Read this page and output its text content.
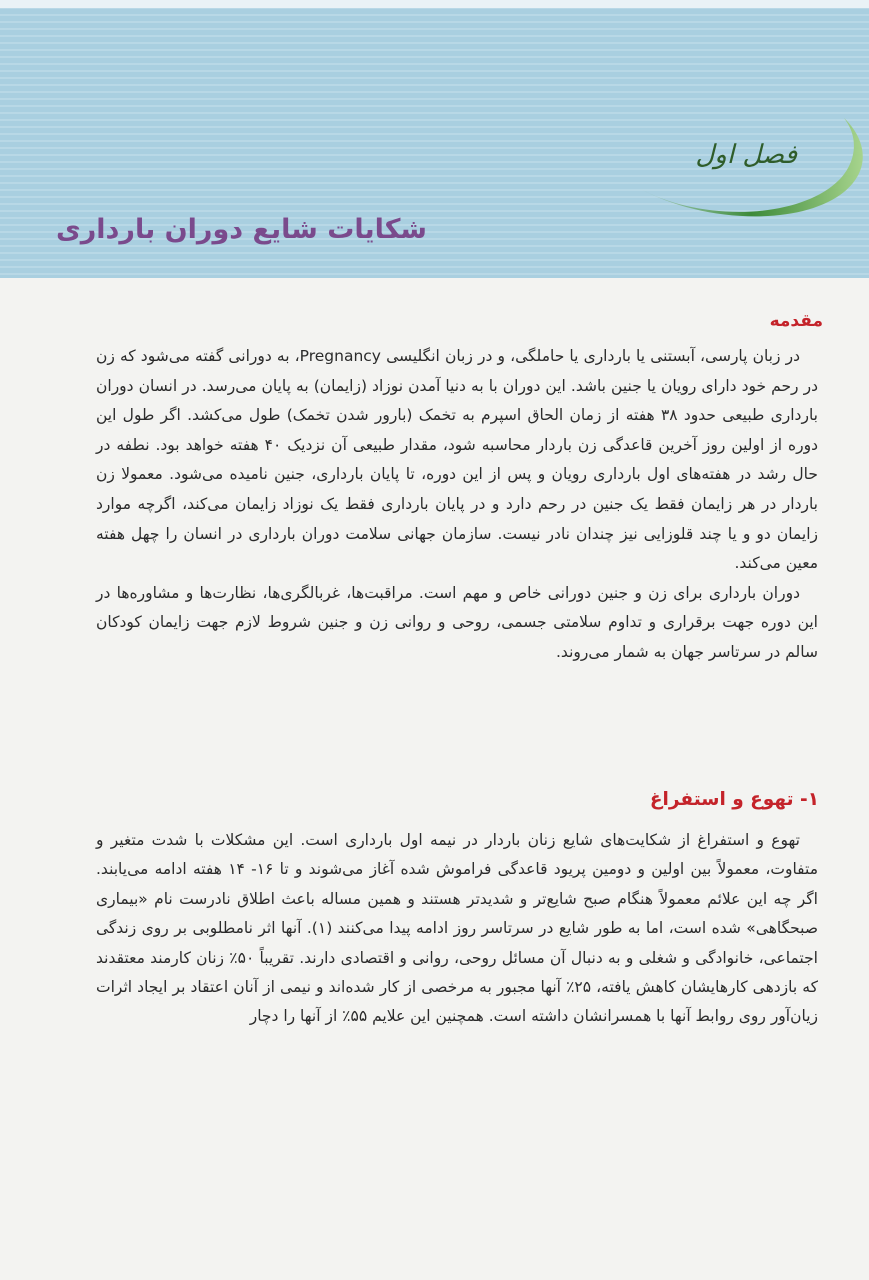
فصل اول
شکایات شایع دوران بارداری
مقدمه

در زبان پارسی، آبستنی یا بارداری یا حاملگی، و در زبان انگلیسی Pregnancy، به دورانی گفته می‌شود که زن در رحم خود دارای رویان یا جنین باشد. این دوران با به دنیا آمدن نوزاد (زایمان) به پایان می‌رسد. در انسان دوران بارداری طبیعی حدود ۳۸ هفته از زمان الحاق اسپرم به تخمک (بارور شدن تخمک) طول می‌کشد. اگر طول این دوره از اولین روز آخرین قاعدگی زن باردار محاسبه شود، مقدار طبیعی آن نزدیک ۴۰ هفته خواهد بود. نطفه در حال رشد در هفته‌های اول بارداری رویان و پس از این دوره، تا پایان بارداری، جنین نامیده می‌شود. معمولا زن باردار در هر زایمان فقط یک جنین در رحم دارد و در پایان بارداری فقط یک نوزاد زایمان می‌کند، اگرچه موارد زایمان دو و یا چند قلوزایی نیز چندان نادر نیست. سازمان جهانی سلامت دوران بارداری در انسان را چهل هفته معین می‌کند.

دوران بارداری برای زن و جنین دورانی خاص و مهم است. مراقبت‌ها، غربالگری‌ها، نظارت‌ها و مشاوره‌ها در این دوره جهت برقراری و تداوم سلامتی جسمی، روحی و روانی زن و جنین شروط لازم جهت زایمان کودکان سالم در سرتاسر جهان به شمار می‌روند.

۱- تهوع و استفراغ

تهوع و استفراغ از شکایت‌های شایع زنان باردار در نیمه اول بارداری است. این مشکلات با شدت متغیر و متفاوت، معمولاً بین اولین و دومین پریود قاعدگی فراموش شده آغاز می‌شوند و تا ۱۶- ۱۴ هفته ادامه می‌یابند. اگر چه این علائم معمولاً هنگام صبح شایع‌تر و شدیدتر هستند و همین مساله باعث اطلاق نادرست نام «بیماری صبحگاهی» شده است، اما به طور شایع در سرتاسر روز ادامه پیدا می‌کنند (۱). آنها اثر نامطلوبی بر روی زندگی اجتماعی، خانوادگی و شغلی و به دنبال آن مسائل روحی، روانی و اقتصادی دارند. تقریباً ۵۰٪ زنان کارمند معتقدند که بازدهی کارهایشان کاهش یافته، ۲۵٪ آنها مجبور به مرخصی از کار شده‌اند و نیمی از آنان اعتقاد بر ایجاد اثرات زیان‌آور روی روابط آنها با همسرانشان داشته است. همچنین این علایم ۵۵٪ از آنها را دچار
